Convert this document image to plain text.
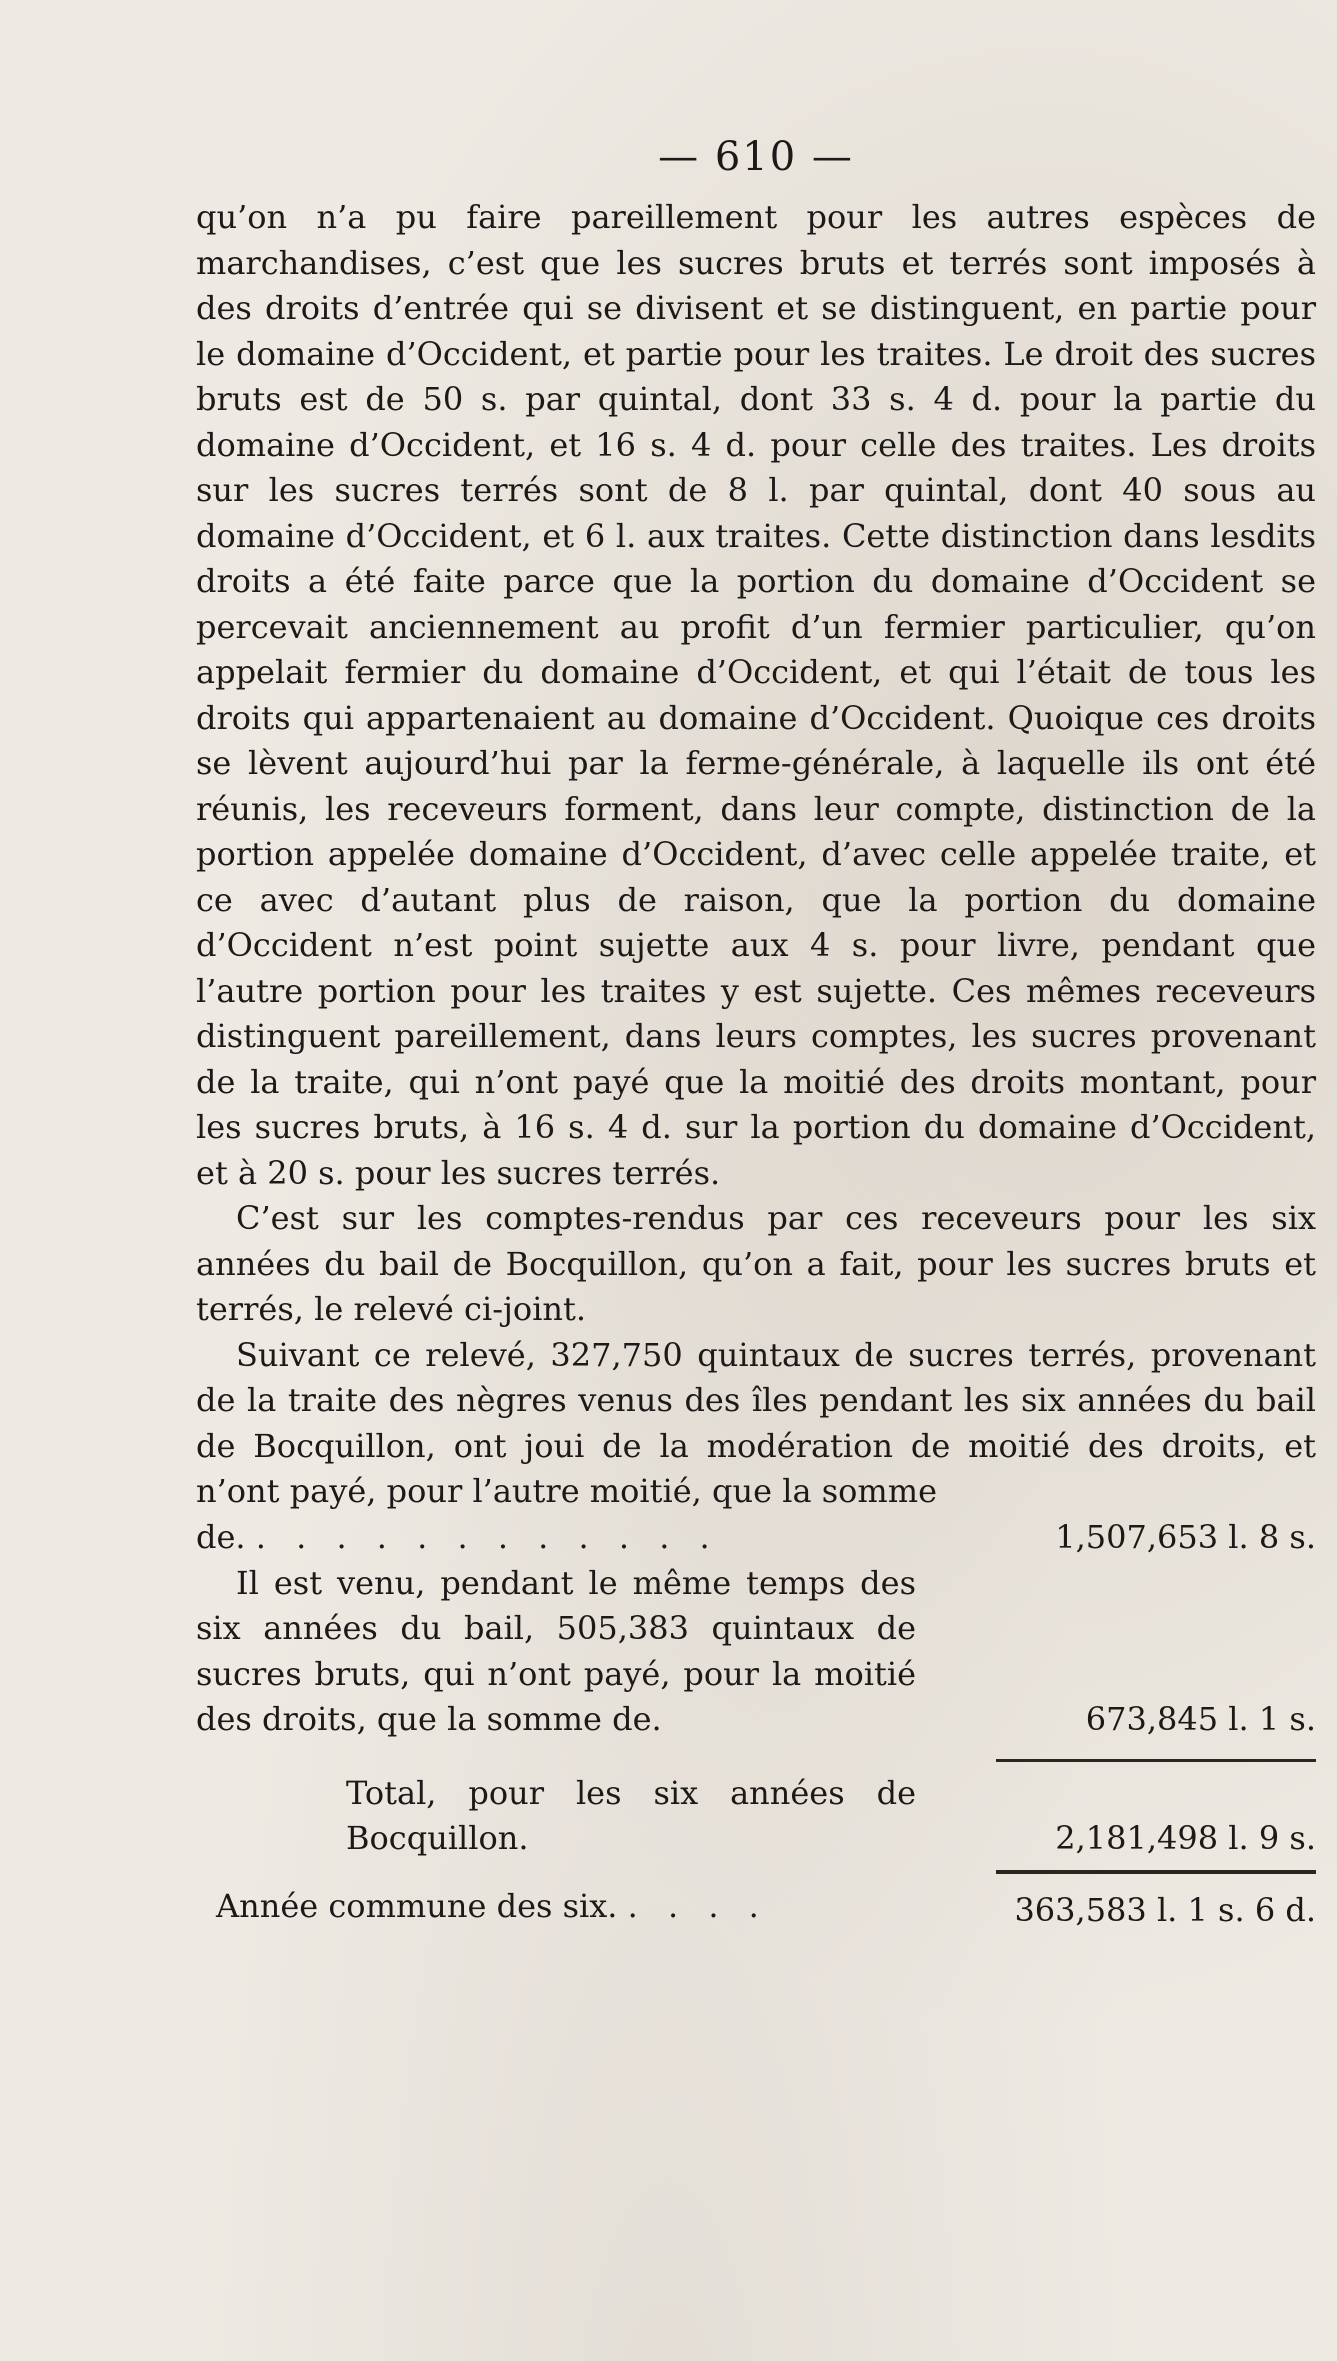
— 610 —

qu’on n’a pu faire pareillement pour les autres espèces de marchandises, c’est que les sucres bruts et terrés sont imposés à des droits d’entrée qui se divisent et se distinguent, en partie pour le domaine d’Occident, et partie pour les traites. Le droit des sucres bruts est de 50 s. par quintal, dont 33 s. 4 d. pour la partie du domaine d’Occident, et 16 s. 4 d. pour celle des traites. Les droits sur les sucres terrés sont de 8 l. par quintal, dont 40 sous au domaine d’Occident, et 6 l. aux traites. Cette distinction dans lesdits droits a été faite parce que la portion du domaine d’Occident se percevait anciennement au profit d’un fermier particulier, qu’on appelait fermier du domaine d’Occident, et qui l’était de tous les droits qui appartenaient au domaine d’Occident. Quoique ces droits se lèvent aujourd’hui par la ferme-générale, à laquelle ils ont été réunis, les receveurs forment, dans leur compte, distinction de la portion appelée domaine d’Occident, d’avec celle appelée traite, et ce avec d’autant plus de raison, que la portion du domaine d’Occident n’est point sujette aux 4 s. pour livre, pendant que l’autre portion pour les traites y est sujette. Ces mêmes receveurs distinguent pareillement, dans leurs comptes, les sucres provenant de la traite, qui n’ont payé que la moitié des droits montant, pour les sucres bruts, à 16 s. 4 d. sur la portion du domaine d’Occident, et à 20 s. pour les sucres terrés.

C’est sur les comptes-rendus par ces receveurs pour les six années du bail de Bocquillon, qu’on a fait, pour les sucres bruts et terrés, le relevé ci-joint.

Suivant ce relevé, 327,750 quintaux de sucres terrés, provenant de la traite des nègres venus des îles pendant les six années du bail de Bocquillon, ont joui de la modération de moitié des droits, et n’ont payé, pour l’autre moitié, que la somme
de. . . . . . . . . . . . .	1,507,653 l. 8 s.
Il est venu, pendant le même temps des six années du bail, 505,383 quintaux de sucres bruts, qui n’ont payé, pour la moitié des droits, que la somme de.	673,845 l. 1 s.
Total, pour les six années de Bocquillon.	2,181,498 l. 9 s.
Année commune des six. . . . .	363,583 l. 1 s. 6 d.
